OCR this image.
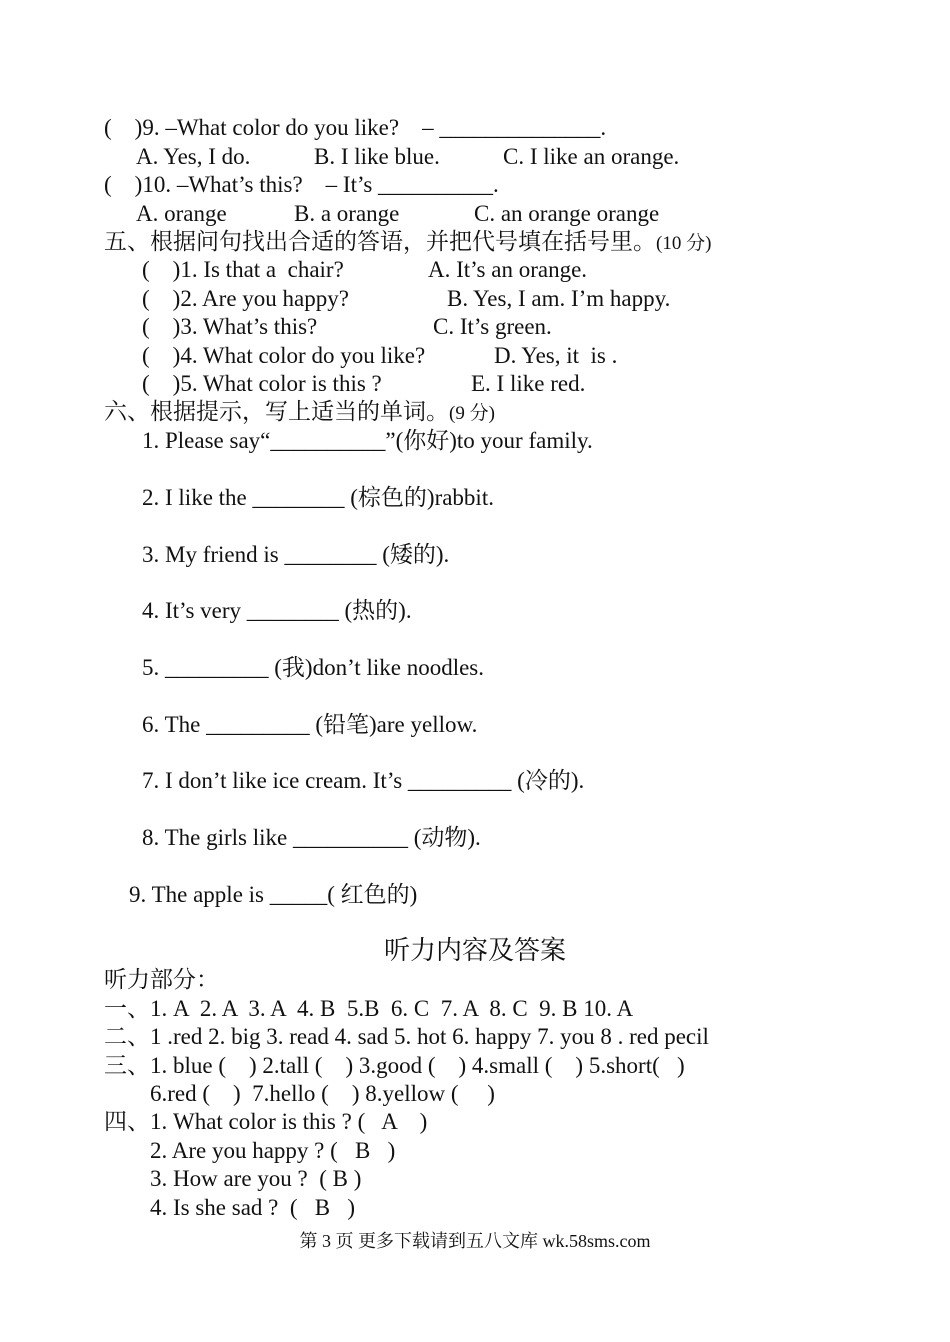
(    )9. –What color do you like?    – ______________.
A. Yes, I do.	B. I like blue.	C. I like an orange.
(    )10. –What’s this?    – It’s __________.
A. orange	B. a orange	C. an orange orange
五、根据问句找出合适的答语，并把代号填在括号里。(10 分)
(    )1. Is that a  chair?	A. It’s an orange.
(    )2. Are you happy?	B. Yes, I am. I’m happy.
(    )3. What’s this?	C. It’s green.
(    )4. What color do you like?	D. Yes, it  is .
(    )5. What color is this ?	E. I like red.
六、根据提示，写上适当的单词。(9 分)
1. Please say“__________”(你好)to your family.
2. I like the ________ (棕色的)rabbit.
3. My friend is ________ (矮的).
4. It’s very ________ (热的).
5. _________ (我)don’t like noodles.
6. The _________ (铅笔)are yellow.
7. I don’t like ice cream. It’s _________ (冷的).
8. The girls like __________ (动物).
9. The apple is _____( 红色的)
听力内容及答案
听力部分：
一、1. A  2. A  3. A  4. B  5.B  6. C  7. A  8. C  9. B 10. A
二、1 .red 2. big 3. read 4. sad 5. hot 6. happy 7. you 8 . red pecil
三、1. blue (    ) 2.tall (    ) 3.good (    ) 4.small (    ) 5.short(   )
6.red (    )  7.hello (    ) 8.yellow (     )
四、1. What color is this ? (   A    )
2. Are you happy ? (   B   )
3. How are you ?  ( B )
4. Is she sad ?  (   B   )
第 3 页 更多下载请到五八文库 wk.58sms.com
